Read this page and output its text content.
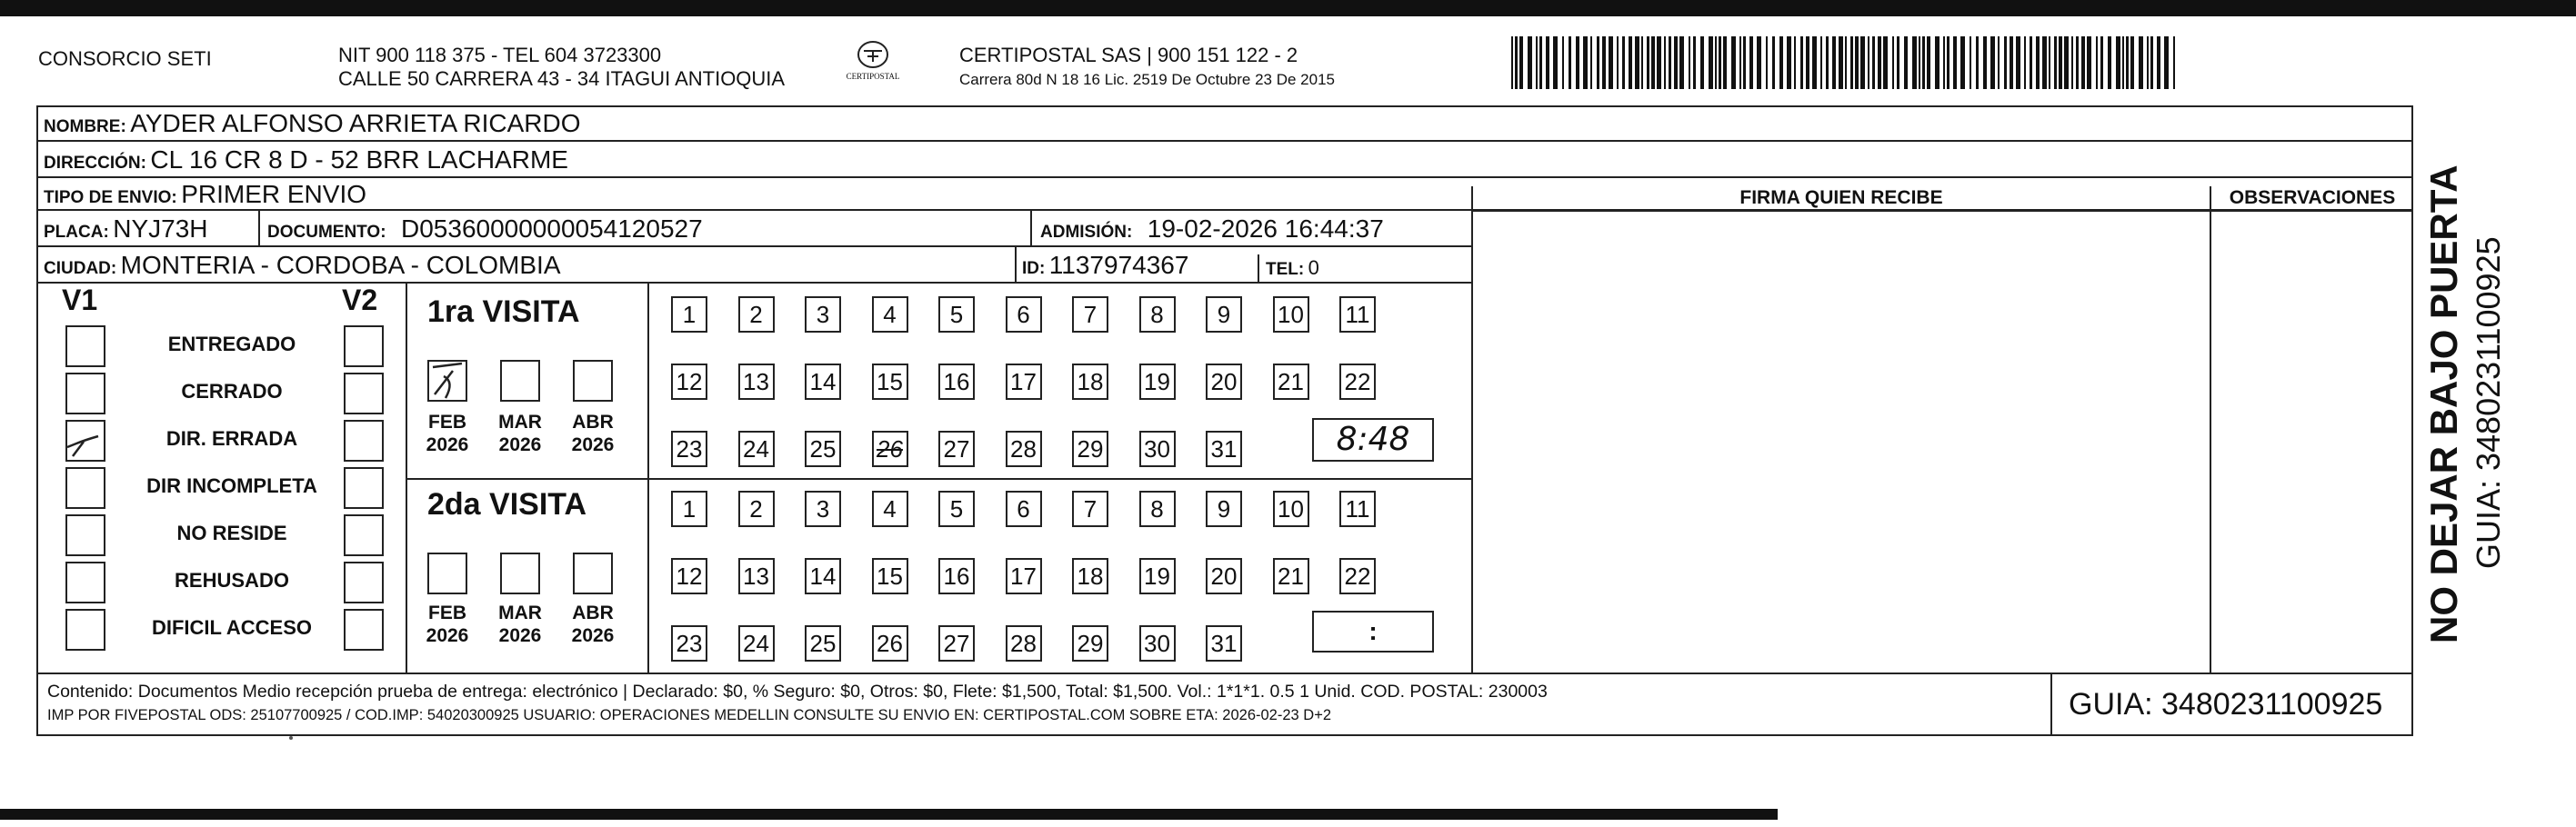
CONSORCIO SETI	NIT 900 118 375 - TEL 604 3723300
CALLE 50 CARRERA 43 - 34 ITAGUI ANTIOQUIA	CERTIPOSTAL
CERTIPOSTAL SAS | 900 151 122 - 2
Carrera 80d N 18 16 Lic. 2519 De Octubre 23 De 2015
NOMBRE: AYDER ALFONSO ARRIETA RICARDO
DIRECCIÓN: CL 16 CR 8 D - 52 BRR LACHARME
TIPO DE ENVIO: PRIMER ENVIO	FIRMA QUIEN RECIBE	OBSERVACIONES
PLACA: NYJ73H	DOCUMENTO: D05360000000054120527	ADMISIÓN: 19-02-2026 16:44:37
CIUDAD: MONTERIA - CORDOBA - COLOMBIA	ID: 1137974367	TEL: 0
V1	V2
ENTREGADO
CERRADO
DIR. ERRADA
DIR INCOMPLETA
NO RESIDE
REHUSADO
DIFICIL ACCESO
1ra VISITA
FEB
2026
MAR
2026
ABR
2026
2da VISITA
FEB
2026
MAR
2026
ABR
2026
1	2	3	4	5	6	7	8	9	10 11
12 13 14 15 16 17 18 19 20 21 22
23 24 25 26 27 28 29 30 31
1	2	3	4	5	6	7	8	9	10 11
12 13 14 15 16 17 18 19 20 21 22
23 24 25 26 27 28 29 30 31
8:48
:
Contenido: Documentos Medio recepción prueba de entrega: electrónico | Declarado: $0, % Seguro: $0, Otros: $0, Flete: $1,500, Total: $1,500. Vol.: 1*1*1. 0.5 1 Unid. COD. POSTAL: 230003
IMP POR FIVEPOSTAL ODS: 25107700925 / COD.IMP: 54020300925 USUARIO: OPERACIONES MEDELLIN CONSULTE SU ENVIO EN: CERTIPOSTAL.COM SOBRE ETA: 2026-02-23 D+2	GUIA: 3480231100925
NO DEJAR BAJO PUERTA GUIA: 3480231100925
